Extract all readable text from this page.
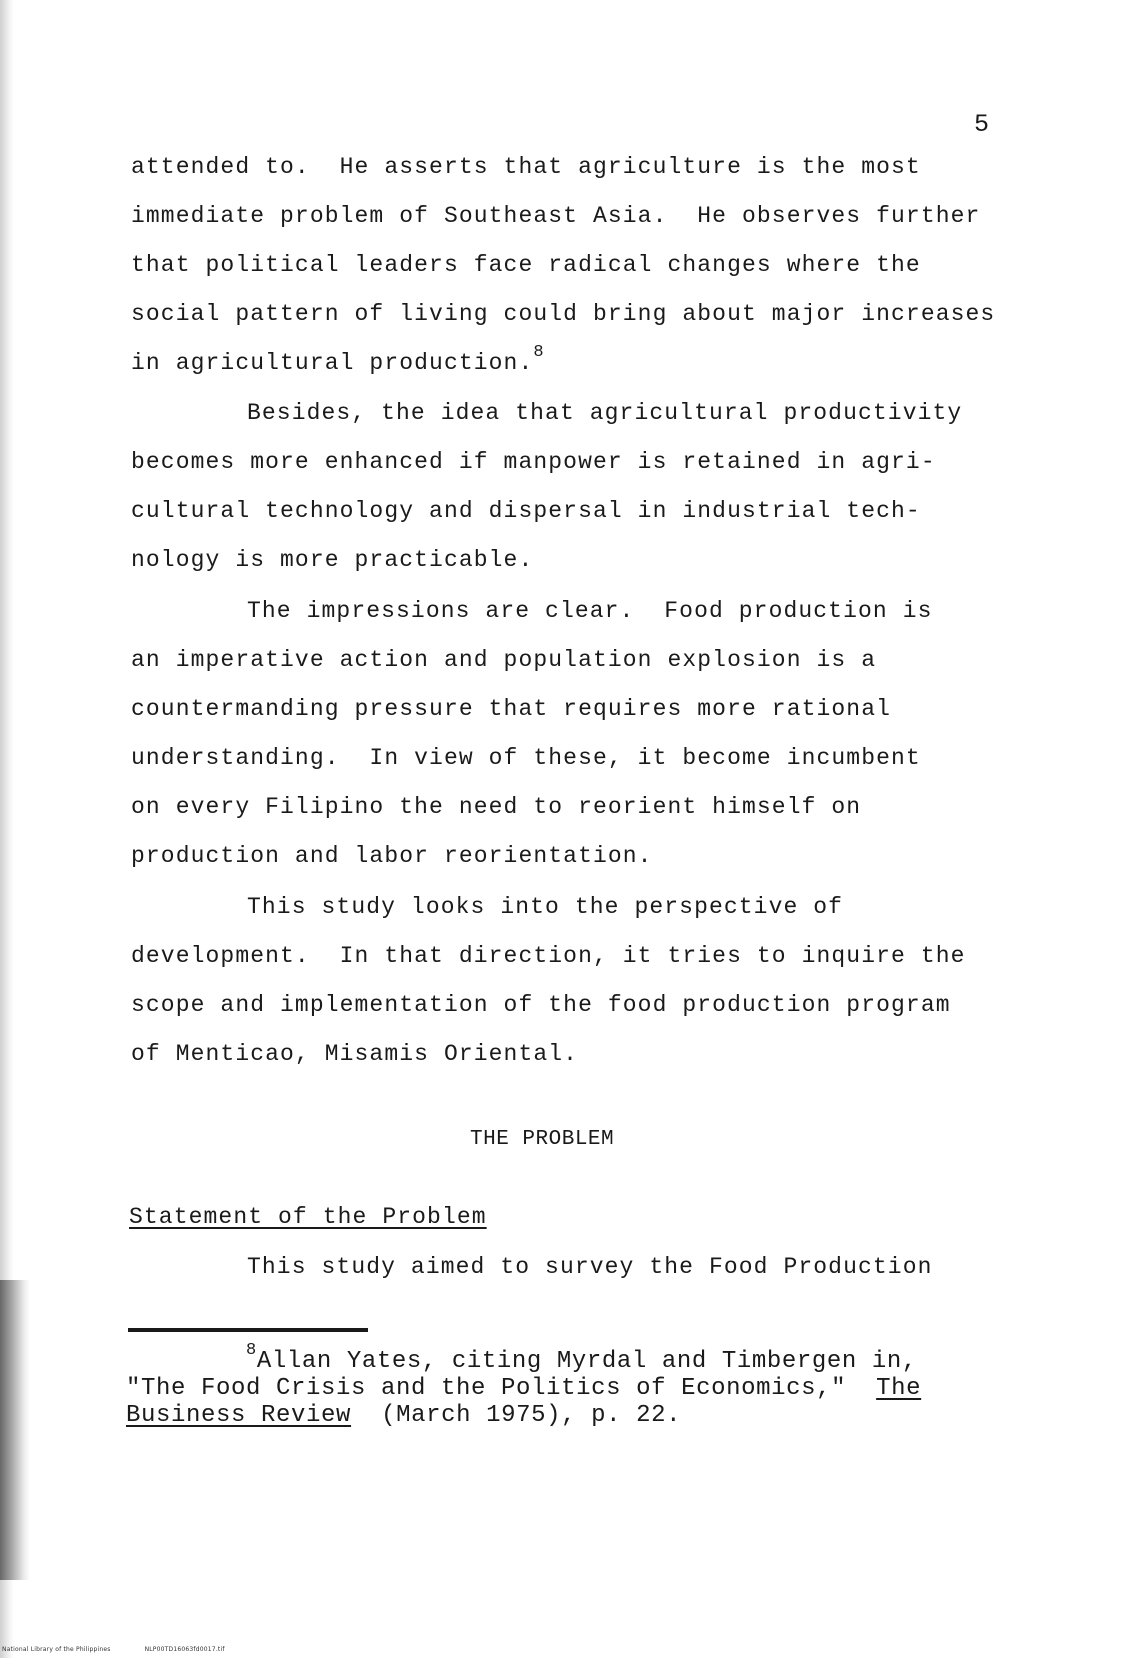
5
attended to.  He asserts that agriculture is the most
immediate problem of Southeast Asia.  He observes further
that political leaders face radical changes where the
social pattern of living could bring about major increases
in agricultural production.$^8$
Besides, the idea that agricultural productivity
becomes more enhanced if manpower is retained in agri-
cultural technology and dispersal in industrial tech-
nology is more practicable.
The impressions are clear.  Food production is
an imperative action and population explosion is a
countermanding pressure that requires more rational
understanding.  In view of these, it become incumbent
on every Filipino the need to reorient himself on
production and labor reorientation.
This study looks into the perspective of
development.  In that direction, it tries to inquire the
scope and implementation of the food production program
of Menticao, Misamis Oriental.
THE PROBLEM
Statement of the Problem
This study aimed to survey the Food Production
$^8$Allan Yates, citing Myrdal and Timbergen in,
"The Food Crisis and the Politics of Economics," The
Business Review (March 1975), p. 22.
National Library of the Philippines	NLP00TD16063fd0017.tif
